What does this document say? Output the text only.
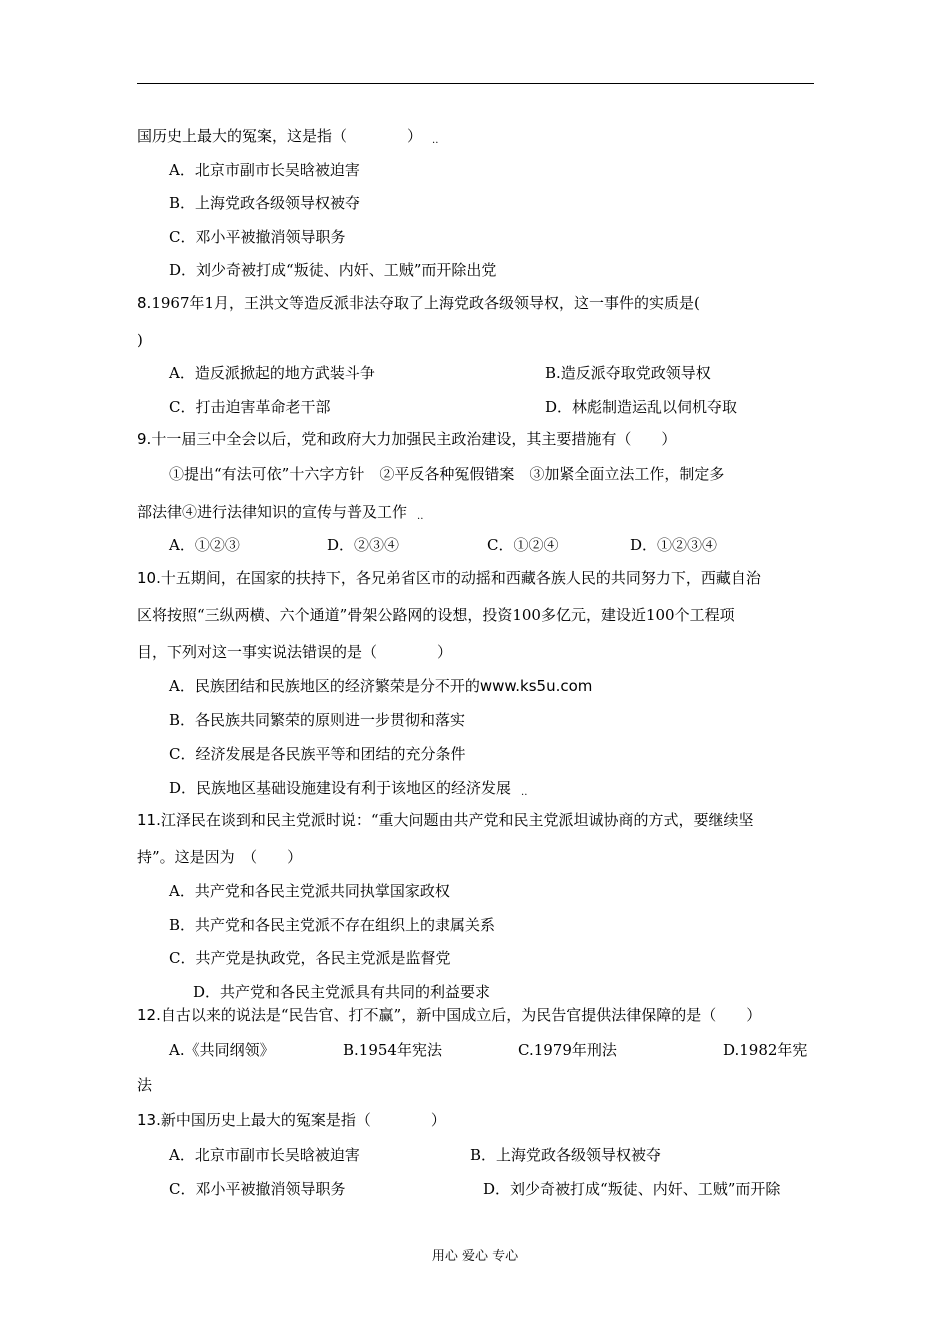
国历史上最大的冤案，这是指（　　　　） ..
A．北京市副市长吴晗被迫害
B．上海党政各级领导权被夺
C．邓小平被撤消领导职务
D．刘少奇被打成“叛徒、内奸、工贼”而开除出党
8.1967年1月，王洪文等造反派非法夺取了上海党政各级领导权，这一事件的实质是(
)
A．造反派掀起的地方武装斗争	B.造反派夺取党政领导权
C．打击迫害革命老干部	D．林彪制造运乱以伺机夺取
9.十一届三中全会以后，党和政府大力加强民主政治建设，其主要措施有（　　）
①提出“有法可依”十六字方针　②平反各种冤假错案　③加紧全面立法工作，制定多
部法律④进行法律知识的宣传与普及工作 ..
A．①②③	D．②③④	C．①②④	D．①②③④
10.十五期间，在国家的扶持下，各兄弟省区市的动摇和西藏各族人民的共同努力下，西藏自治
区将按照“三纵两横、六个通道”骨架公路网的设想，投资100多亿元，建设近100个工程项
目，下列对这一事实说法错误的是（　　　　）
A．民族团结和民族地区的经济繁荣是分不开的www.ks5u.com
B．各民族共同繁荣的原则进一步贯彻和落实
C．经济发展是各民族平等和团结的充分条件
D．民族地区基础设施建设有利于该地区的经济发展 ..
11.江泽民在谈到和民主党派时说：“重大问题由共产党和民主党派坦诚协商的方式，要继续坚
持”。这是因为　（　　）
A．共产党和各民主党派共同执掌国家政权
B．共产党和各民主党派不存在组织上的隶属关系
C．共产党是执政党，各民主党派是监督党
D．共产党和各民主党派具有共同的利益要求
12.自古以来的说法是“民告官、打不赢”，新中国成立后，为民告官提供法律保障的是（　　）
A.《共同纲领》	B.1954年宪法	C.1979年刑法	D.1982年宪
法
13.新中国历史上最大的冤案是指（　　　　）
A．北京市副市长吴晗被迫害	B．上海党政各级领导权被夺
C．邓小平被撤消领导职务	D．刘少奇被打成“叛徒、内奸、工贼”而开除
用心 爱心 专心
